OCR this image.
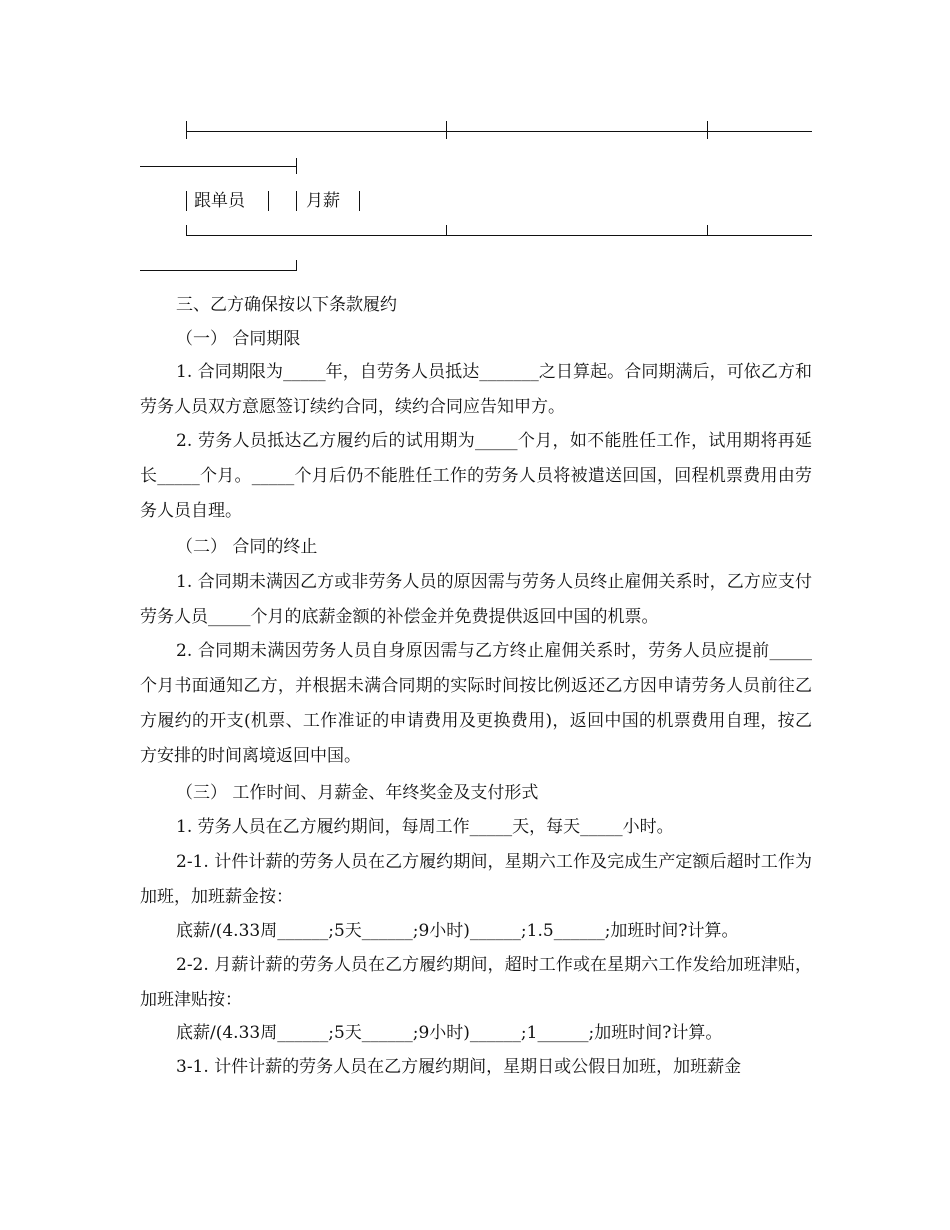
跟单员	月薪
三、乙方确保按以下条款履约
（一） 合同期限
1. 合同期限为_____年，自劳务人员抵达_______之日算起。合同期满后，可依乙方和劳务人员双方意愿签订续约合同，续约合同应告知甲方。
2. 劳务人员抵达乙方履约后的试用期为_____个月，如不能胜任工作，试用期将再延长_____个月。_____个月后仍不能胜任工作的劳务人员将被遣送回国，回程机票费用由劳务人员自理。
（二） 合同的终止
1. 合同期未满因乙方或非劳务人员的原因需与劳务人员终止雇佣关系时，乙方应支付劳务人员_____个月的底薪金额的补偿金并免费提供返回中国的机票。
2. 合同期未满因劳务人员自身原因需与乙方终止雇佣关系时，劳务人员应提前_____个月书面通知乙方，并根据未满合同期的实际时间按比例返还乙方因申请劳务人员前往乙方履约的开支(机票、工作准证的申请费用及更换费用)，返回中国的机票费用自理，按乙方安排的时间离境返回中国。
（三） 工作时间、月薪金、年终奖金及支付形式
1. 劳务人员在乙方履约期间，每周工作_____天，每天_____小时。
2-1. 计件计薪的劳务人员在乙方履约期间，星期六工作及完成生产定额后超时工作为加班，加班薪金按：
底薪/(4.33周______;5天______;9小时)______;1.5______;加班时间?计算。
2-2. 月薪计薪的劳务人员在乙方履约期间，超时工作或在星期六工作发给加班津贴，加班津贴按：
底薪/(4.33周______;5天______;9小时)______;1______;加班时间?计算。
3-1. 计件计薪的劳务人员在乙方履约期间，星期日或公假日加班，加班薪金
